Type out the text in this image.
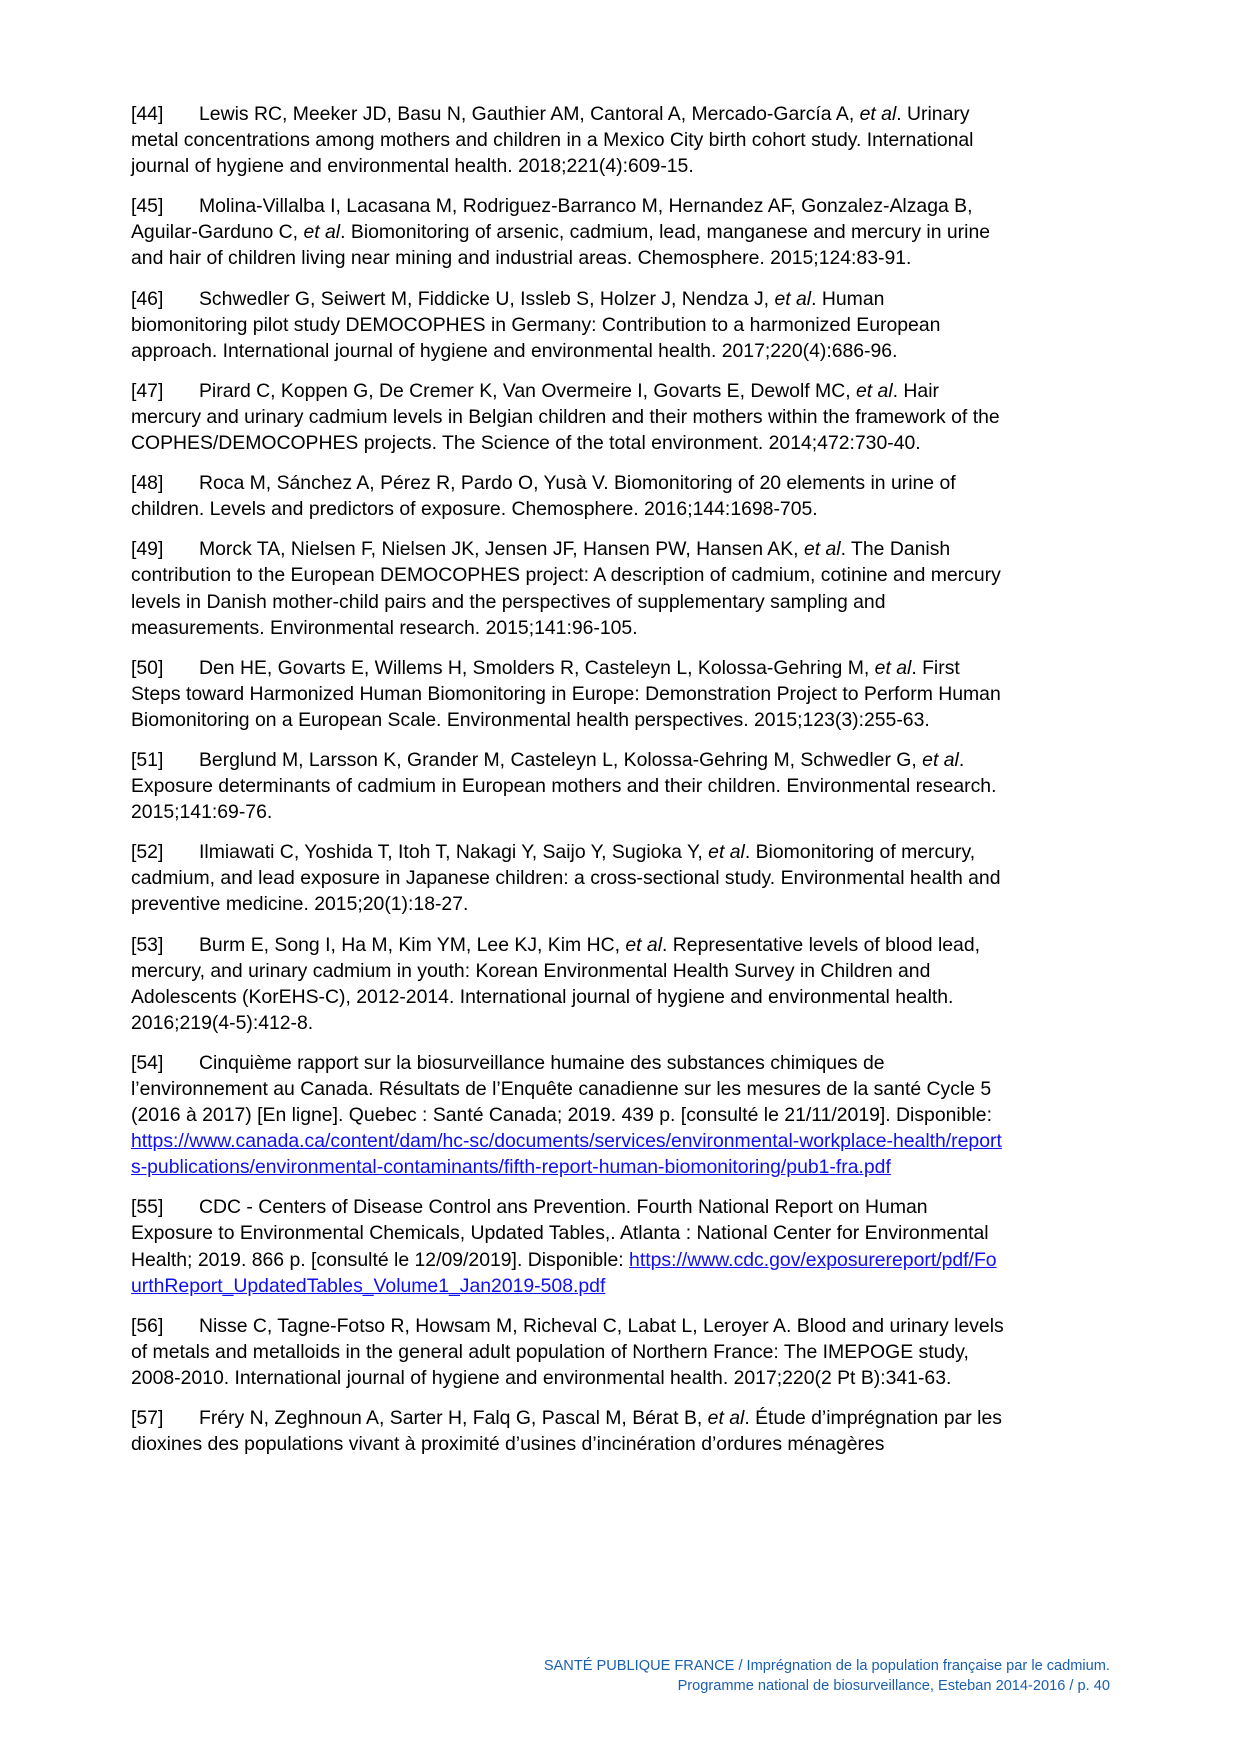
[44] Lewis RC, Meeker JD, Basu N, Gauthier AM, Cantoral A, Mercado-García A, et al. Urinary metal concentrations among mothers and children in a Mexico City birth cohort study. International journal of hygiene and environmental health. 2018;221(4):609-15.

[45] Molina-Villalba I, Lacasana M, Rodriguez-Barranco M, Hernandez AF, Gonzalez-Alzaga B, Aguilar-Garduno C, et al. Biomonitoring of arsenic, cadmium, lead, manganese and mercury in urine and hair of children living near mining and industrial areas. Chemosphere. 2015;124:83-91.

[46] Schwedler G, Seiwert M, Fiddicke U, Issleb S, Holzer J, Nendza J, et al. Human biomonitoring pilot study DEMOCOPHES in Germany: Contribution to a harmonized European approach. International journal of hygiene and environmental health. 2017;220(4):686-96.

[47] Pirard C, Koppen G, De Cremer K, Van Overmeire I, Govarts E, Dewolf MC, et al. Hair mercury and urinary cadmium levels in Belgian children and their mothers within the framework of the COPHES/DEMOCOPHES projects. The Science of the total environment. 2014;472:730-40.

[48] Roca M, Sánchez A, Pérez R, Pardo O, Yusà V. Biomonitoring of 20 elements in urine of children. Levels and predictors of exposure. Chemosphere. 2016;144:1698-705.

[49] Morck TA, Nielsen F, Nielsen JK, Jensen JF, Hansen PW, Hansen AK, et al. The Danish contribution to the European DEMOCOPHES project: A description of cadmium, cotinine and mercury levels in Danish mother-child pairs and the perspectives of supplementary sampling and measurements. Environmental research. 2015;141:96-105.

[50] Den HE, Govarts E, Willems H, Smolders R, Casteleyn L, Kolossa-Gehring M, et al. First Steps toward Harmonized Human Biomonitoring in Europe: Demonstration Project to Perform Human Biomonitoring on a European Scale. Environmental health perspectives. 2015;123(3):255-63.

[51] Berglund M, Larsson K, Grander M, Casteleyn L, Kolossa-Gehring M, Schwedler G, et al. Exposure determinants of cadmium in European mothers and their children. Environmental research. 2015;141:69-76.

[52] Ilmiawati C, Yoshida T, Itoh T, Nakagi Y, Saijo Y, Sugioka Y, et al. Biomonitoring of mercury, cadmium, and lead exposure in Japanese children: a cross-sectional study. Environmental health and preventive medicine. 2015;20(1):18-27.

[53] Burm E, Song I, Ha M, Kim YM, Lee KJ, Kim HC, et al. Representative levels of blood lead, mercury, and urinary cadmium in youth: Korean Environmental Health Survey in Children and Adolescents (KorEHS-C), 2012-2014. International journal of hygiene and environmental health. 2016;219(4-5):412-8.

[54] Cinquième rapport sur la biosurveillance humaine des substances chimiques de l’environnement au Canada. Résultats de l’Enquête canadienne sur les mesures de la santé Cycle 5 (2016 à 2017) [En ligne]. Quebec : Santé Canada; 2019. 439 p. [consulté le 21/11/2019]. Disponible: https://www.canada.ca/content/dam/hc-sc/documents/services/environmental-workplace-health/reports-publications/environmental-contaminants/fifth-report-human-biomonitoring/pub1-fra.pdf

[55] CDC - Centers of Disease Control ans Prevention. Fourth National Report on Human Exposure to Environmental Chemicals, Updated Tables,. Atlanta : National Center for Environmental Health; 2019. 866 p. [consulté le 12/09/2019]. Disponible: https://www.cdc.gov/exposurereport/pdf/FourthReport_UpdatedTables_Volume1_Jan2019-508.pdf

[56] Nisse C, Tagne-Fotso R, Howsam M, Richeval C, Labat L, Leroyer A. Blood and urinary levels of metals and metalloids in the general adult population of Northern France: The IMEPOGE study, 2008-2010. International journal of hygiene and environmental health. 2017;220(2 Pt B):341-63.

[57] Fréry N, Zeghnoun A, Sarter H, Falq G, Pascal M, Bérat B, et al. Étude d’imprégnation par les dioxines des populations vivant à proximité d’usines d’incinération d’ordures ménagères

SANTÉ PUBLIQUE FRANCE / Imprégnation de la population française par le cadmium.
Programme national de biosurveillance, Esteban 2014-2016 / p. 40
